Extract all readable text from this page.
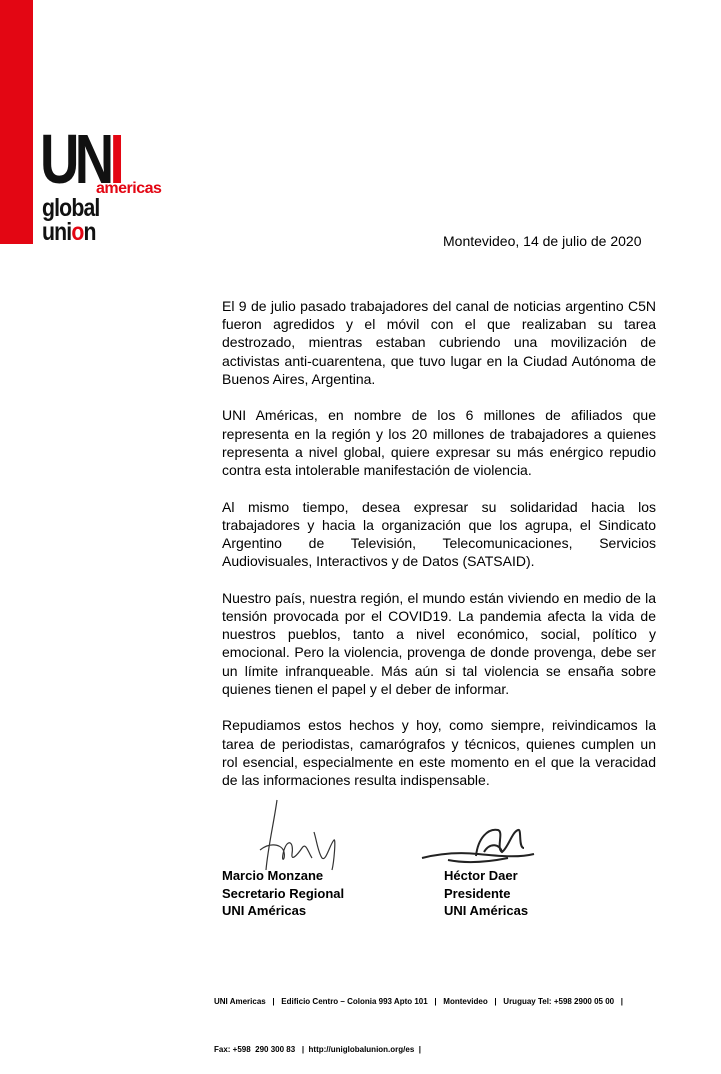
UNI
americas
global
union	Montevideo, 14 de julio de 2020

El 9 de julio pasado trabajadores del canal de noticias argentino C5N fueron agredidos y el móvil con el que realizaban su tarea destrozado, mientras estaban cubriendo una movilización de activistas anti-cuarentena, que tuvo lugar en la Ciudad Autónoma de Buenos Aires, Argentina.

UNI Américas, en nombre de los 6 millones de afiliados que representa en la región y los 20 millones de trabajadores a quienes representa a nivel global, quiere expresar su más enérgico repudio contra esta intolerable manifestación de violencia.

Al mismo tiempo, desea expresar su solidaridad hacia los trabajadores y hacia la organización que los agrupa, el Sindicato Argentino de Televisión, Telecomunicaciones, Servicios Audiovisuales, Interactivos y de Datos (SATSAID).

Nuestro país, nuestra región, el mundo están viviendo en medio de la tensión provocada por el COVID19. La pandemia afecta la vida de nuestros pueblos, tanto a nivel económico, social, político y emocional. Pero la violencia, provenga de donde provenga, debe ser un límite infranqueable. Más aún si tal violencia se ensaña sobre quienes tienen el papel y el deber de informar.

Repudiamos estos hechos y hoy, como siempre, reivindicamos la tarea de periodistas, camarógrafos y técnicos, quienes cumplen un rol esencial, especialmente en este momento en el que la veracidad de las informaciones resulta indispensable.

Marcio Monzane
Secretario Regional
UNI Américas
Héctor Daer
Presidente
UNI Américas

UNI Americas   |   Edificio Centro – Colonia 993 Apto 101   |   Montevideo   |   Uruguay Tel: +598 2900 05 00   |

Fax: +598  290 300 83   |  http://uniglobalunion.org/es  |
